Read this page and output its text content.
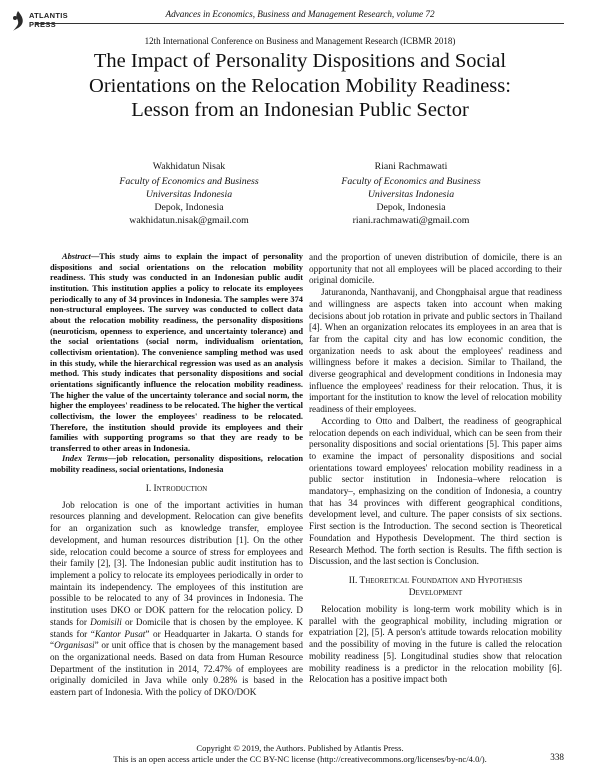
ATLANTIS
PRESS
Advances in Economics, Business and Management Research, volume 72
12th International Conference on Business and Management Research (ICBMR 2018)
The Impact of Personality Dispositions and Social
Orientations on the Relocation Mobility Readiness:
Lesson from an Indonesian Public Sector
Wakhidatun Nisak
Faculty of Economics and Business
Universitas Indonesia
Depok, Indonesia
wakhidatun.nisak@gmail.com
Riani Rachmawati
Faculty of Economics and Business
Universitas Indonesia
Depok, Indonesia
riani.rachmawati@gmail.com

Abstract—This study aims to explain the impact of personality dispositions and social orientations on the relocation mobility readiness. This study was conducted in an Indonesian public audit institution. This institution applies a policy to relocate its employees periodically to any of 34 provinces in Indonesia. The samples were 374 non-structural employees. The survey was conducted to collect data about the relocation mobility readiness, the personality dispositions (neuroticism, openness to experience, and uncertainty tolerance) and the social orientations (social norm, individualism orientation, collectivism orientation). The convenience sampling method was used in this study, while the hierarchical regression was used as an analysis method. This study indicates that personality dispositions and social orientations significantly influence the relocation mobility readiness. The higher the value of the uncertainty tolerance and social norm, the higher the employees' readiness to be relocated. The higher the vertical collectivism, the lower the employees' readiness to be relocated. Therefore, the institution should provide its employees and their families with supporting programs so that they are ready to be transferred to other areas in Indonesia.

Index Terms—job relocation, personality dispositions, relocation mobility readiness, social orientations, Indonesia

I. Introduction

Job relocation is one of the important activities in human resources planning and development. Relocation can give benefits for an organization such as knowledge transfer, employee development, and human resources distribution [1]. On the other side, relocation could become a source of stress for employees and their family [2], [3]. The Indonesian public audit institution has to implement a policy to relocate its employees periodically in order to maintain its independency. The employees of this institution are possible to be relocated to any of 34 provinces in Indonesia. The institution uses DKO or DOK pattern for the relocation policy. D stands for Domisili or Domicile that is chosen by the employee. K stands for “Kantor Pusat” or Headquarter in Jakarta. O stands for “Organisasi” or unit office that is chosen by the management based on the organizational needs. Based on data from Human Resource Department of the institution in 2014, 72.47% of employees are originally domiciled in Java while only 0.28% is based in the eastern part of Indonesia. With the policy of DKO/DOK

and the proportion of uneven distribution of domicile, there is an opportunity that not all employees will be placed according to their original domicile.

Jaturanonda, Nanthavanij, and Chongphaisal argue that readiness and willingness are aspects taken into account when making decisions about job rotation in private and public sectors in Thailand [4]. When an organization relocates its employees in an area that is far from the capital city and has low economic condition, the organization needs to ask about the employees' readiness and willingness before it makes a decision. Similar to Thailand, the diverse geographical and development conditions in Indonesia may influence the employees' readiness for their relocation. Thus, it is important for the institution to know the level of relocation mobility readiness of their employees.

According to Otto and Dalbert, the readiness of geographical relocation depends on each individual, which can be seen from their personality dispositions and social orientations [5]. This paper aims to examine the impact of personality dispositions and social orientations toward employees' relocation mobility readiness in a public sector institution in Indonesia–where relocation is mandatory–, emphasizing on the condition of Indonesia, a country that has 34 provinces with different geographical conditions, development level, and culture. The paper consists of six sections. First section is the Introduction. The second section is Theoretical Foundation and Hypothesis Development. The third section is Research Method. The forth section is Results. The fifth section is Discussion, and the last section is Conclusion.

II. Theoretical Foundation and Hypothesis
Development

Relocation mobility is long-term work mobility which is in parallel with the geographical mobility, including migration or expatriation [2], [5]. A person's attitude towards relocation mobility and the possibility of moving in the future is called the relocation mobility readiness [5]. Longitudinal studies show that relocation mobility readiness is a predictor in the relocation mobility [6]. Relocation has a positive impact both

Copyright © 2019, the Authors. Published by Atlantis Press.
This is an open access article under the CC BY-NC license (http://creativecommons.org/licenses/by-nc/4.0/).	338
